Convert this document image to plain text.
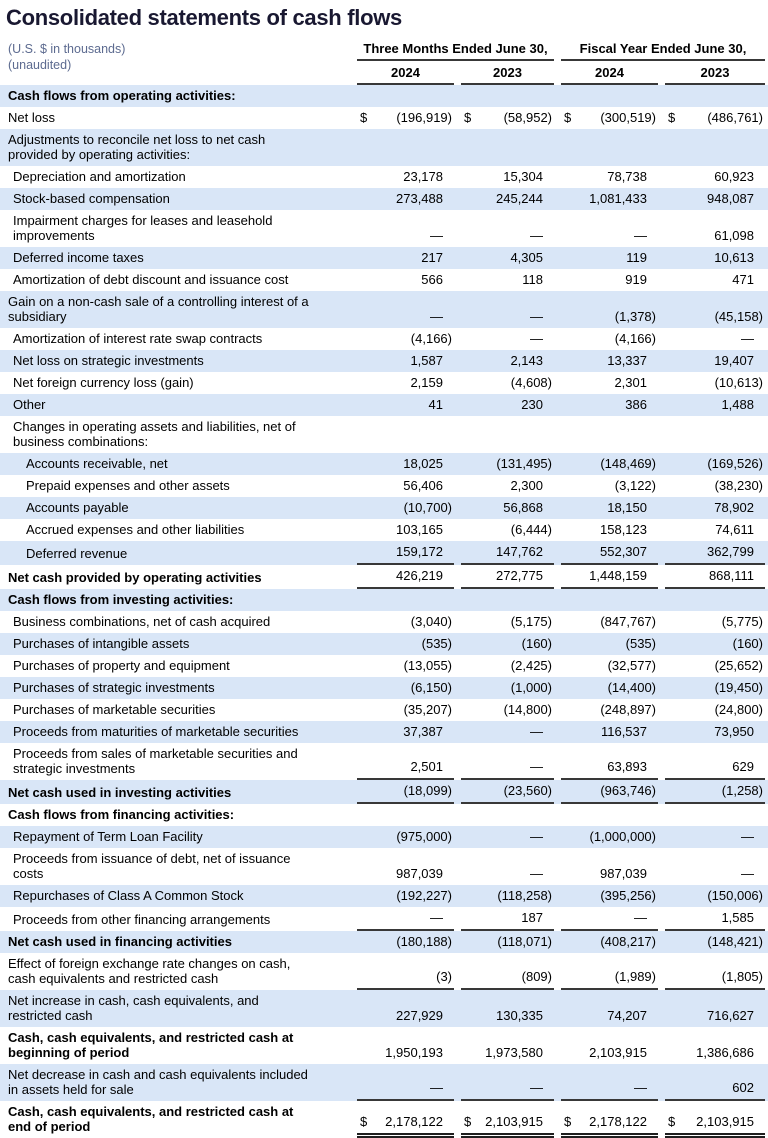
Consolidated statements of cash flows
(U.S. $ in thousands)
(unaudited)
Three Months Ended June 30,	Fiscal Year Ended June 30,
2024	2023	2024	2023
Cash flows from operating activities:
Net loss	$ (196,919) $ (58,952) $ (300,519) $ (486,761)
Adjustments to reconcile net loss to net cash provided by operating activities:
Depreciation and amortization	23,178	15,304	78,738	60,923
Stock-based compensation	273,488	245,244	1,081,433	948,087
Impairment charges for leases and leasehold improvements	—	—	—	61,098
Deferred income taxes	217	4,305	119	10,613
Amortization of debt discount and issuance cost	566	118	919	471
Gain on a non-cash sale of a controlling interest of a subsidiary	—	—	(1,378)	(45,158)
Amortization of interest rate swap contracts	(4,166)	—	(4,166)	—
Net loss on strategic investments	1,587	2,143	13,337	19,407
Net foreign currency loss (gain)	2,159	(4,608)	2,301	(10,613)
Other	41	230	386	1,488
Changes in operating assets and liabilities, net of business combinations:
Accounts receivable, net	18,025	(131,495)	(148,469)	(169,526)
Prepaid expenses and other assets	56,406	2,300	(3,122)	(38,230)
Accounts payable	(10,700)	56,868	18,150	78,902
Accrued expenses and other liabilities	103,165	(6,444)	158,123	74,611
Deferred revenue	159,172	147,762	552,307	362,799
Net cash provided by operating activities	426,219	272,775	1,448,159	868,111
Cash flows from investing activities:
Business combinations, net of cash acquired	(3,040)	(5,175)	(847,767)	(5,775)
Purchases of intangible assets	(535)	(160)	(535)	(160)
Purchases of property and equipment	(13,055)	(2,425)	(32,577)	(25,652)
Purchases of strategic investments	(6,150)	(1,000)	(14,400)	(19,450)
Purchases of marketable securities	(35,207)	(14,800)	(248,897)	(24,800)
Proceeds from maturities of marketable securities	37,387	—	116,537	73,950
Proceeds from sales of marketable securities and strategic investments	2,501	—	63,893	629
Net cash used in investing activities	(18,099)	(23,560)	(963,746)	(1,258)
Cash flows from financing activities:
Repayment of Term Loan Facility	(975,000)	—	(1,000,000)	—
Proceeds from issuance of debt, net of issuance costs	987,039	—	987,039	—
Repurchases of Class A Common Stock	(192,227)	(118,258)	(395,256)	(150,006)
Proceeds from other financing arrangements	—	187	—	1,585
Net cash used in financing activities	(180,188)	(118,071)	(408,217)	(148,421)
Effect of foreign exchange rate changes on cash, cash equivalents and restricted cash	(3)	(809)	(1,989)	(1,805)
Net increase in cash, cash equivalents, and restricted cash	227,929	130,335	74,207	716,627
Cash, cash equivalents, and restricted cash at beginning of period	1,950,193	1,973,580	2,103,915	1,386,686
Net decrease in cash and cash equivalents included in assets held for sale	—	—	—	602
Cash, cash equivalents, and restricted cash at end of period	$ 2,178,122	$ 2,103,915	$ 2,178,122	$ 2,103,915
